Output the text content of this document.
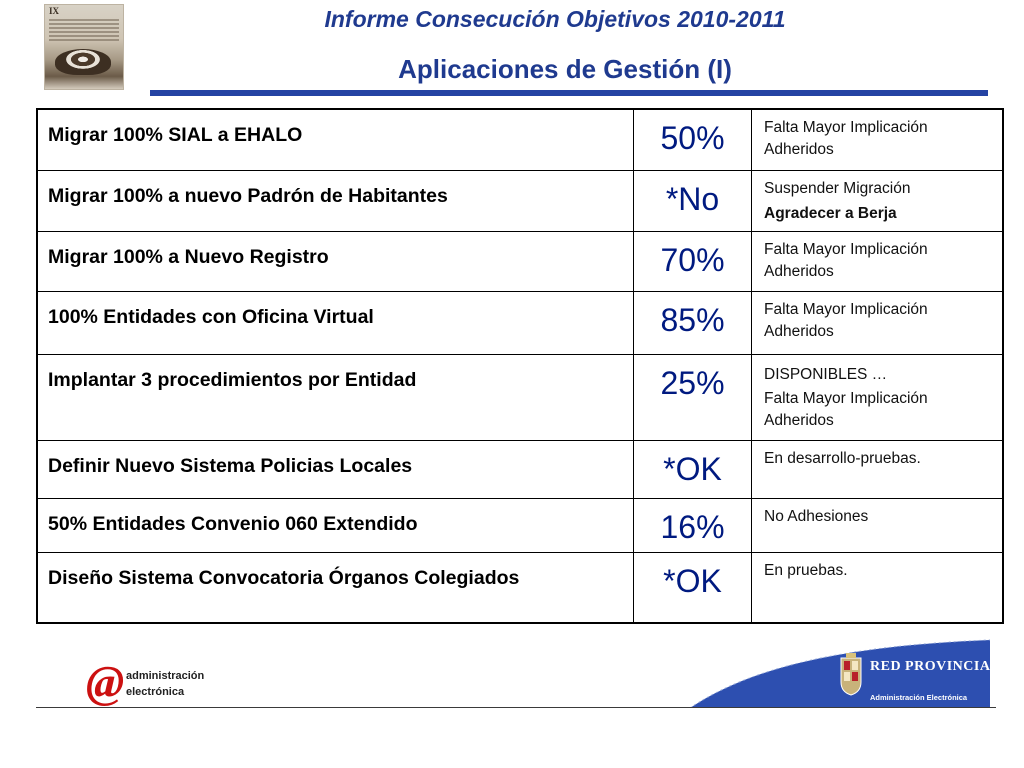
IX	Informe Consecución Objetivos 2010-2011
Aplicaciones de Gestión (I)
Migrar 100% SIAL a EHALO	50%	Falta Mayor Implicación
Adheridos

Migrar 100% a nuevo Padrón de Habitantes	*No	Suspender Migración
Agradecer a Berja

Migrar 100% a Nuevo Registro	70%	Falta Mayor Implicación
Adheridos

100% Entidades con Oficina Virtual	85%	Falta Mayor Implicación
Adheridos

Implantar 3 procedimientos por Entidad	25%	DISPONIBLES …
Falta Mayor Implicación
Adheridos

Definir Nuevo Sistema Policias Locales	*OK	En desarrollo-pruebas.

50% Entidades Convenio 060 Extendido	16%	No Adhesiones

Diseño Sistema Convocatoria Órganos Colegiados	*OK	En pruebas.
@ administración
electrónica
RED PROVINCIAL
Administración Electrónica
